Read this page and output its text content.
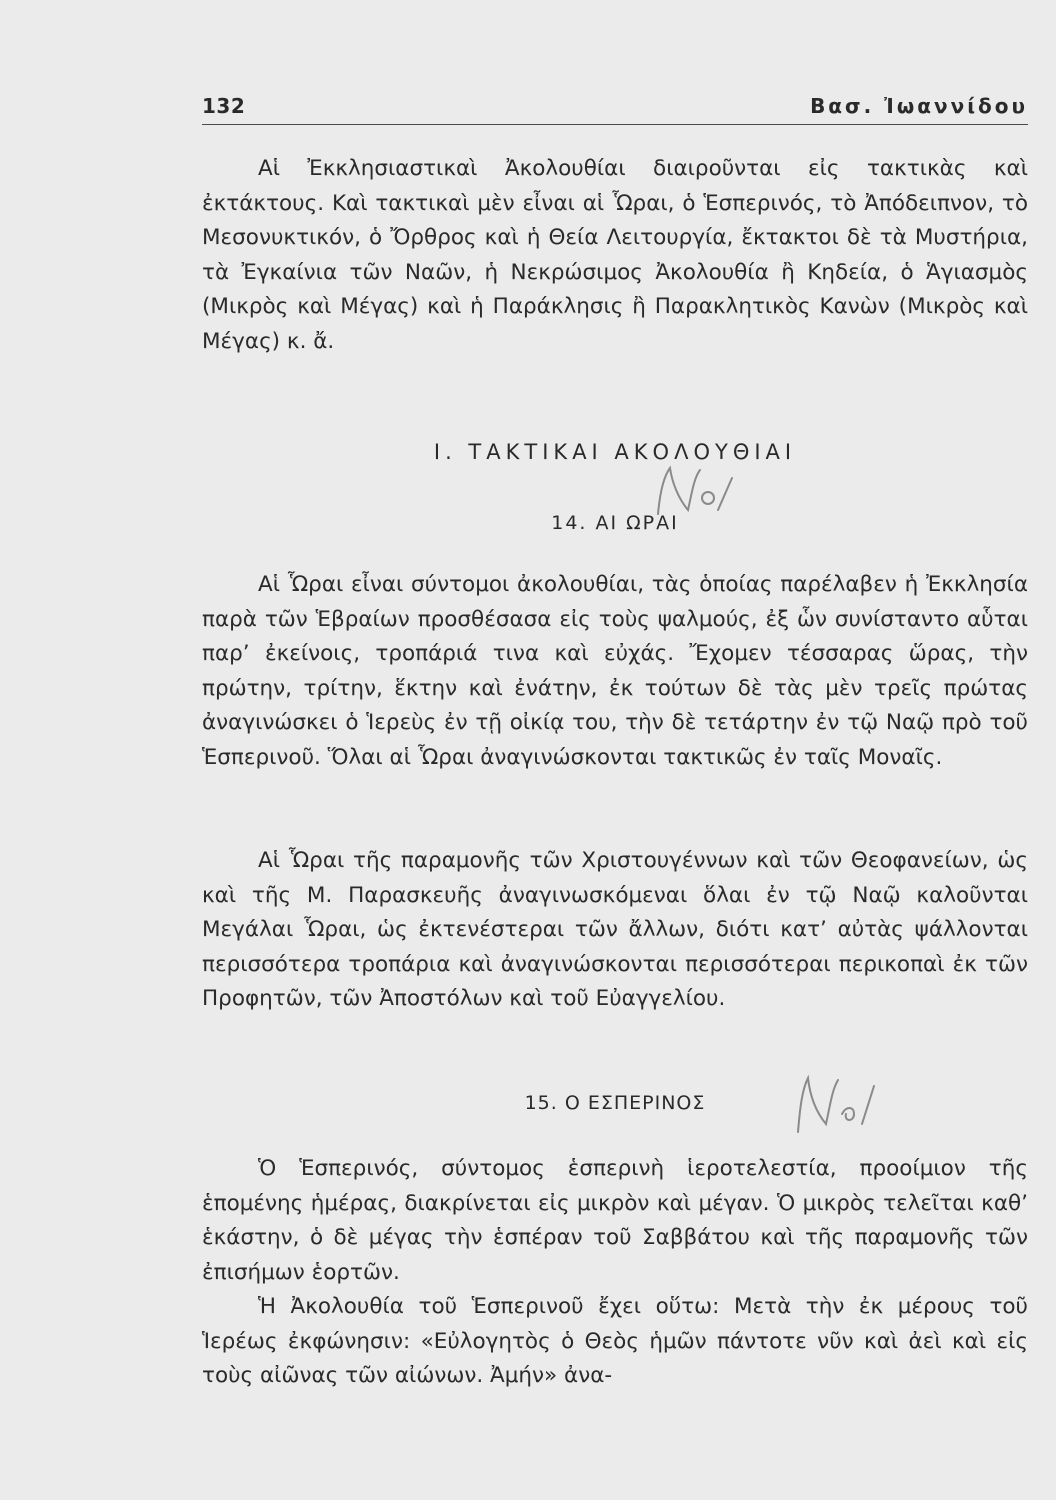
132	Βασ. Ἰωαννίδου

Αἱ Ἐκκλησιαστικαὶ Ἀκολουθίαι διαιροῦνται εἰς τακτικὰς καὶ ἐκτάκτους. Καὶ τακτικαὶ μὲν εἶναι αἱ Ὧραι, ὁ Ἑσπερινός, τὸ Ἀπόδειπνον, τὸ Μεσονυκτικόν, ὁ Ὄρθρος καὶ ἡ Θεία Λειτουργία, ἔκτακτοι δὲ τὰ Μυστήρια, τὰ Ἐγκαίνια τῶν Ναῶν, ἡ Νεκρώσιμος Ἀκολουθία ἢ Κηδεία, ὁ Ἁγιασμὸς (Μικρὸς καὶ Μέγας) καὶ ἡ Παράκλησις ἢ Παρακλητικὸς Κανὼν (Μικρὸς καὶ Μέγας) κ. ἄ.

Ι. ΤΑΚΤΙΚΑΙ ΑΚΟΛΟΥΘΙΑΙ
14. ΑΙ ΩΡΑΙ

Αἱ Ὧραι εἶναι σύντομοι ἀκολουθίαι, τὰς ὁποίας παρέλαβεν ἡ Ἐκκλησία παρὰ τῶν Ἑβραίων προσθέσασα εἰς τοὺς ψαλμούς, ἐξ ὧν συνίσταντο αὗται παρ’ ἐκείνοις, τροπάριά τινα καὶ εὐχάς. Ἔχομεν τέσσαρας ὥρας, τὴν πρώτην, τρίτην, ἕκτην καὶ ἐνάτην, ἐκ τούτων δὲ τὰς μὲν τρεῖς πρώτας ἀναγινώσκει ὁ Ἱερεὺς ἐν τῇ οἰκίᾳ του, τὴν δὲ τετάρτην ἐν τῷ Ναῷ πρὸ τοῦ Ἑσπερινοῦ. Ὅλαι αἱ Ὧραι ἀναγινώσκονται τακτικῶς ἐν ταῖς Μοναῖς.

Αἱ Ὧραι τῆς παραμονῆς τῶν Χριστουγέννων καὶ τῶν Θεοφανείων, ὡς καὶ τῆς Μ. Παρασκευῆς ἀναγινωσκόμεναι ὅλαι ἐν τῷ Ναῷ καλοῦνται Μεγάλαι Ὧραι, ὡς ἐκτενέστεραι τῶν ἄλλων, διότι κατ’ αὐτὰς ψάλλονται περισσότερα τροπάρια καὶ ἀναγινώσκονται περισσότεραι περικοπαὶ ἐκ τῶν Προφητῶν, τῶν Ἀποστόλων καὶ τοῦ Εὐαγγελίου.

15. Ο ΕΣΠΕΡΙΝΟΣ

Ὁ Ἑσπερινός, σύντομος ἑσπερινὴ ἱεροτελεστία, προοίμιον τῆς ἑπομένης ἡμέρας, διακρίνεται εἰς μικρὸν καὶ μέγαν. Ὁ μικρὸς τελεῖται καθ’ ἑκάστην, ὁ δὲ μέγας τὴν ἑσπέραν τοῦ Σαββάτου καὶ τῆς παραμονῆς τῶν ἐπισήμων ἑορτῶν.

Ἡ Ἀκολουθία τοῦ Ἑσπερινοῦ ἔχει οὕτω: Μετὰ τὴν ἐκ μέρους τοῦ Ἱερέως ἐκφώνησιν: «Εὐλογητὸς ὁ Θεὸς ἡμῶν πάντοτε νῦν καὶ ἀεὶ καὶ εἰς τοὺς αἰῶνας τῶν αἰώνων. Ἀμήν» ἀνα-
